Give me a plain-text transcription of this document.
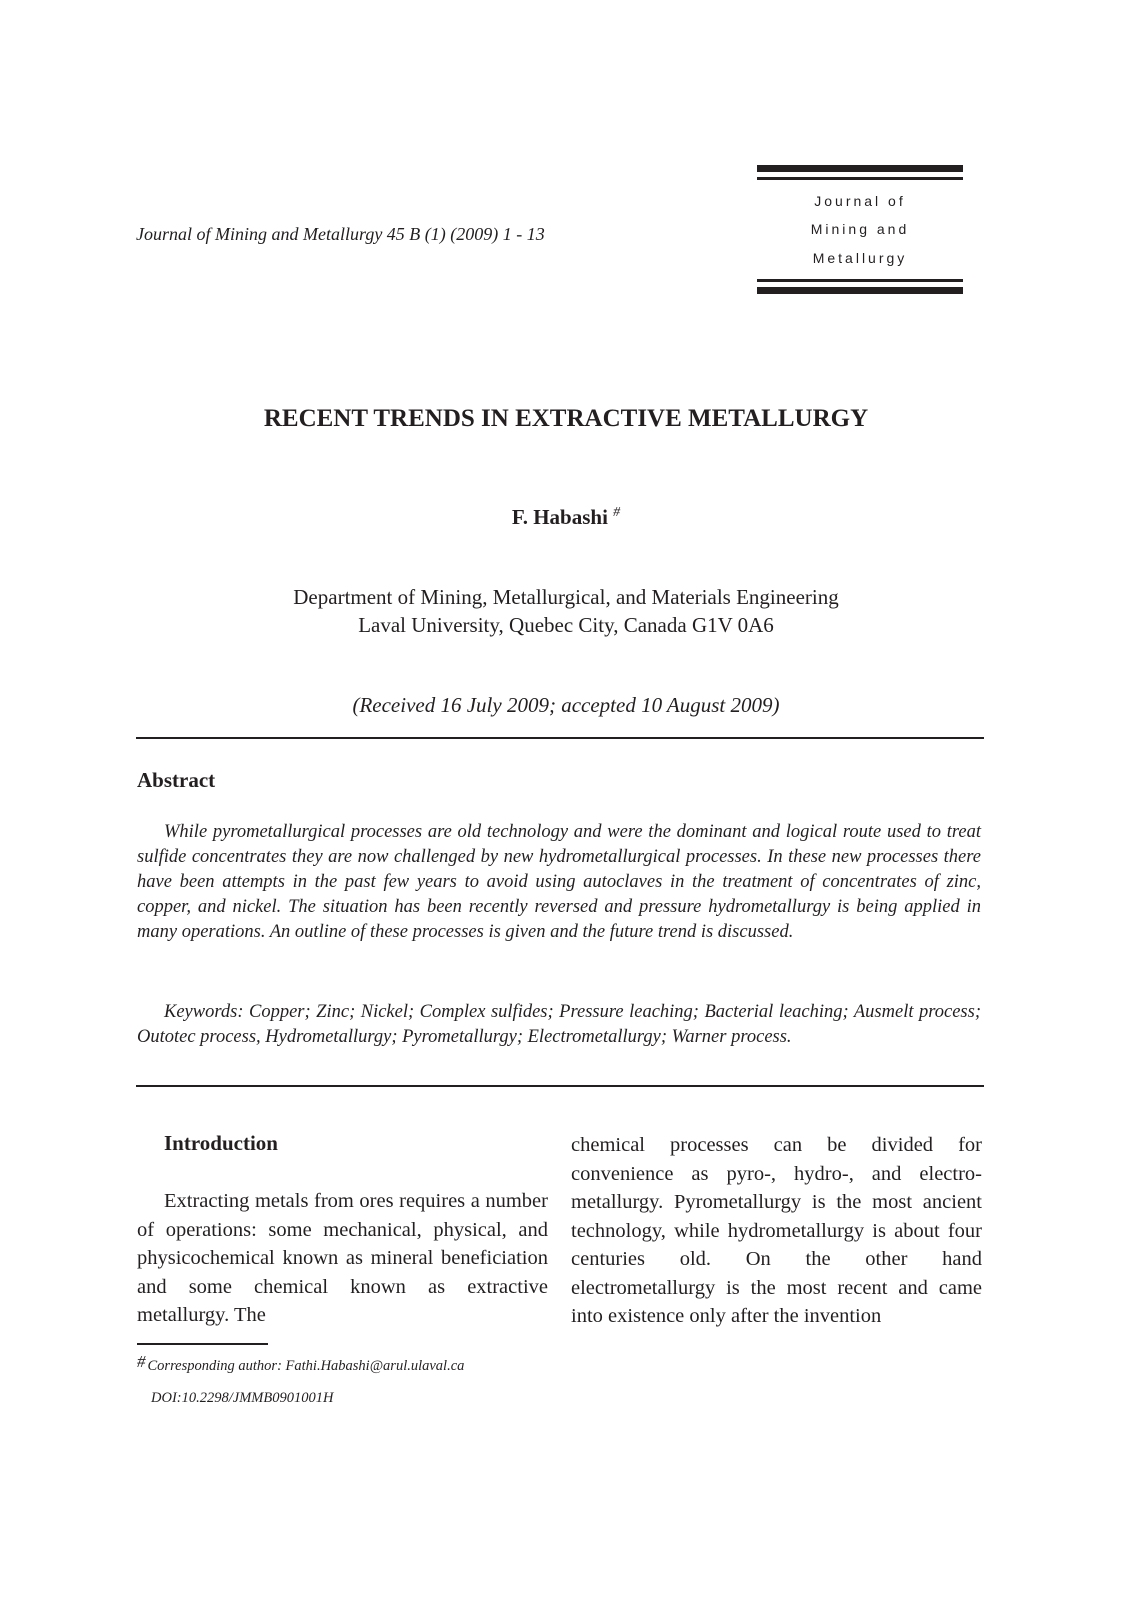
Journal of Mining and Metallurgy 45 B (1) (2009) 1 - 13
Journal of
Mining and
Metallurgy
RECENT TRENDS IN EXTRACTIVE METALLURGY
F. Habashi #
Department of Mining, Metallurgical, and Materials Engineering
Laval University, Quebec City, Canada G1V 0A6
(Received 16 July 2009; accepted 10 August 2009)
Abstract
While pyrometallurgical processes are old technology and were the dominant and logical route used to treat sulfide concentrates they are now challenged by new hydrometallurgical processes. In these new processes there have been attempts in the past few years to avoid using autoclaves in the treatment of concentrates of zinc, copper, and nickel. The situation has been recently reversed and pressure hydrometallurgy is being applied in many operations. An outline of these processes is given and the future trend is discussed.
Keywords: Copper; Zinc; Nickel; Complex sulfides; Pressure leaching; Bacterial leaching; Ausmelt process; Outotec process, Hydrometallurgy; Pyrometallurgy; Electrometallurgy; Warner process.
Introduction
Extracting metals from ores requires a number of operations: some mechanical, physical, and physicochemical known as mineral beneficiation and some chemical known as extractive metallurgy. The
chemical processes can be divided for convenience as pyro-, hydro-, and electro-metallurgy. Pyrometallurgy is the most ancient technology, while hydrometallurgy is about four centuries old. On the other hand electrometallurgy is the most recent and came into existence only after the invention
# Corresponding author: Fathi.Habashi@arul.ulaval.ca
DOI:10.2298/JMMB0901001H
